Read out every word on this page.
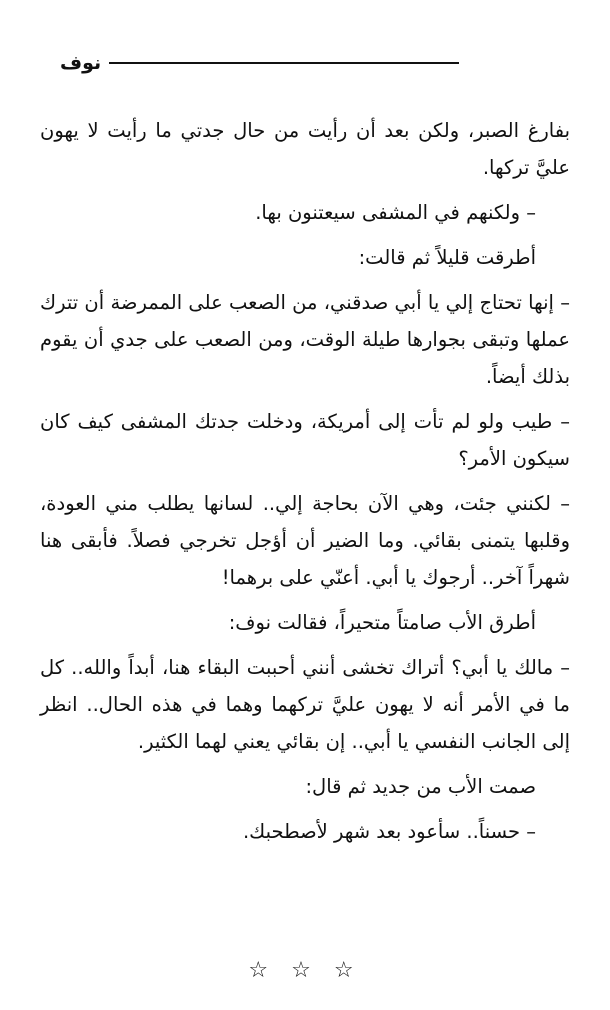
نوف

بفارغ الصبر، ولكن بعد أن رأيت من حال جدتي ما رأيت لا يهون عليَّ تركها.

– ولكنهم في المشفى سيعتنون بها.

أطرقت قليلاً ثم قالت:

– إنها تحتاج إلي يا أبي صدقني، من الصعب على الممرضة أن تترك عملها وتبقى بجوارها طيلة الوقت، ومن الصعب على جدي أن يقوم بذلك أيضاً.

– طيب ولو لم تأت إلى أمريكة، ودخلت جدتك المشفى كيف كان سيكون الأمر؟

– لكنني جئت، وهي الآن بحاجة إلي.. لسانها يطلب مني العودة، وقلبها يتمنى بقائي. وما الضير أن أؤجل تخرجي فصلاً. فأبقى هنا شهراً آخر.. أرجوك يا أبي. أعنّي على برهما!

أطرق الأب صامتاً متحيراً، فقالت نوف:

– مالك يا أبي؟ أتراك تخشى أنني أحببت البقاء هنا، أبداً والله.. كل ما في الأمر أنه لا يهون عليَّ تركهما وهما في هذه الحال.. انظر إلى الجانب النفسي يا أبي.. إن بقائي يعني لهما الكثير.

صمت الأب من جديد ثم قال:

– حسناً.. سأعود بعد شهر لأصطحبك.

☆ ☆ ☆
